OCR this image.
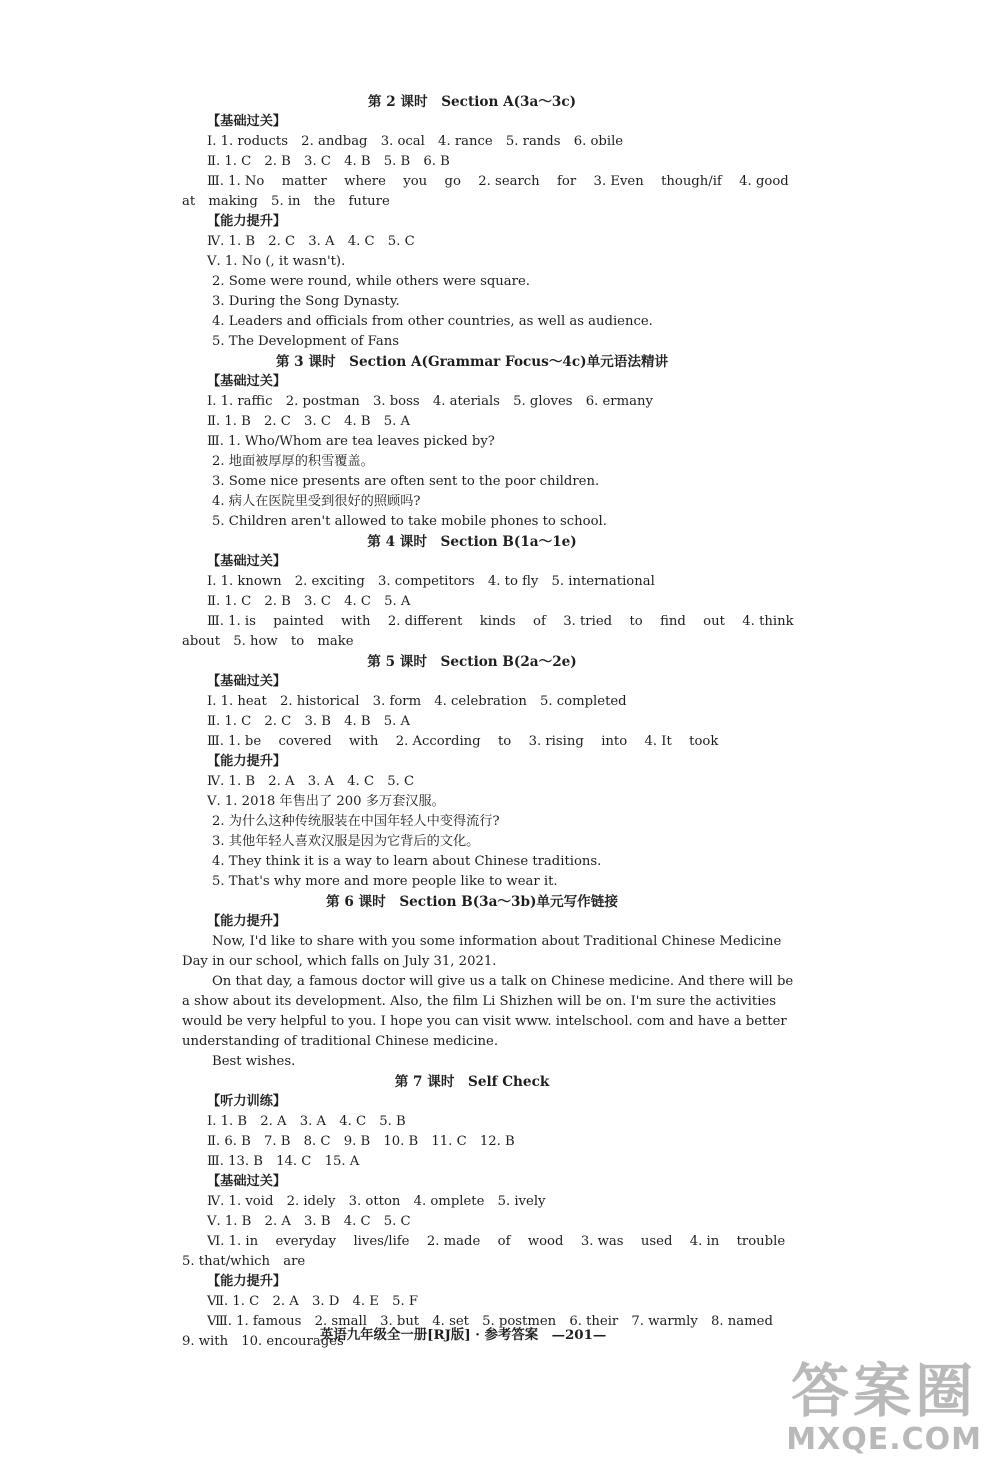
第 2 课时　Section A(3a～3c)
【基础过关】
Ⅰ. 1. roducts　2. andbag　3. ocal　4. rance　5. rands　6. obile
Ⅱ. 1. C　2. B　3. C　4. B　5. B　6. B
Ⅲ. 1. No　 matter　 where　 you　 go　 2. search　 for　 3. Even　 though/if　 4. good
at　making　5. in　the　future
【能力提升】
Ⅳ. 1. B　2. C　3. A　4. C　5. C
Ⅴ. 1. No (, it wasn't).
2. Some were round, while others were square.
3. During the Song Dynasty.
4. Leaders and officials from other countries, as well as audience.
5. The Development of Fans
第 3 课时　Section A(Grammar Focus～4c)单元语法精讲
【基础过关】
Ⅰ. 1. raffic　2. postman　3. boss　4. aterials　5. gloves　6. ermany
Ⅱ. 1. B　2. C　3. C　4. B　5. A
Ⅲ. 1. Who/Whom are tea leaves picked by?
2. 地面被厚厚的积雪覆盖。
3. Some nice presents are often sent to the poor children.
4. 病人在医院里受到很好的照顾吗?
5. Children aren't allowed to take mobile phones to school.
第 4 课时　Section B(1a～1e)
【基础过关】
Ⅰ. 1. known　2. exciting　3. competitors　4. to fly　5. international
Ⅱ. 1. C　2. B　3. C　4. C　5. A
Ⅲ. 1. is　 painted　 with　 2. different　 kinds　 of　 3. tried　 to　 find　 out　 4. think
about　5. how　to　make
第 5 课时　Section B(2a～2e)
【基础过关】
Ⅰ. 1. heat　2. historical　3. form　4. celebration　5. completed
Ⅱ. 1. C　2. C　3. B　4. B　5. A
Ⅲ. 1. be　 covered　 with　 2. According　 to　 3. rising　 into　 4. It　 took
【能力提升】
Ⅳ. 1. B　2. A　3. A　4. C　5. C
Ⅴ. 1. 2018 年售出了 200 多万套汉服。
2. 为什么这种传统服装在中国年轻人中变得流行?
3. 其他年轻人喜欢汉服是因为它背后的文化。
4. They think it is a way to learn about Chinese traditions.
5. That's why more and more people like to wear it.
第 6 课时　Section B(3a～3b)单元写作链接
【能力提升】
Now, I'd like to share with you some information about Traditional Chinese Medicine
Day in our school, which falls on July 31, 2021.
On that day, a famous doctor will give us a talk on Chinese medicine. And there will be
a show about its development. Also, the film Li Shizhen will be on. I'm sure the activities
would be very helpful to you. I hope you can visit www. intelschool. com and have a better
understanding of traditional Chinese medicine.
Best wishes.
第 7 课时　Self Check
【听力训练】
Ⅰ. 1. B　2. A　3. A　4. C　5. B
Ⅱ. 6. B　7. B　8. C　9. B　10. B　11. C　12. B
Ⅲ. 13. B　14. C　15. A
【基础过关】
Ⅳ. 1. void　2. idely　3. otton　4. omplete　5. ively
Ⅴ. 1. B　2. A　3. B　4. C　5. C
Ⅵ. 1. in　 everyday　 lives/life　 2. made　 of　 wood　 3. was　 used　 4. in　 trouble
5. that/which　are
【能力提升】
Ⅶ. 1. C　2. A　3. D　4. E　5. F
Ⅷ. 1. famous　2. small　3. but　4. set　5. postmen　6. their　7. warmly　8. named
9. with　10. encourages
英语九年级全一册[RJ版] · 参考答案　—201—
答案圈
MXQE.COM
